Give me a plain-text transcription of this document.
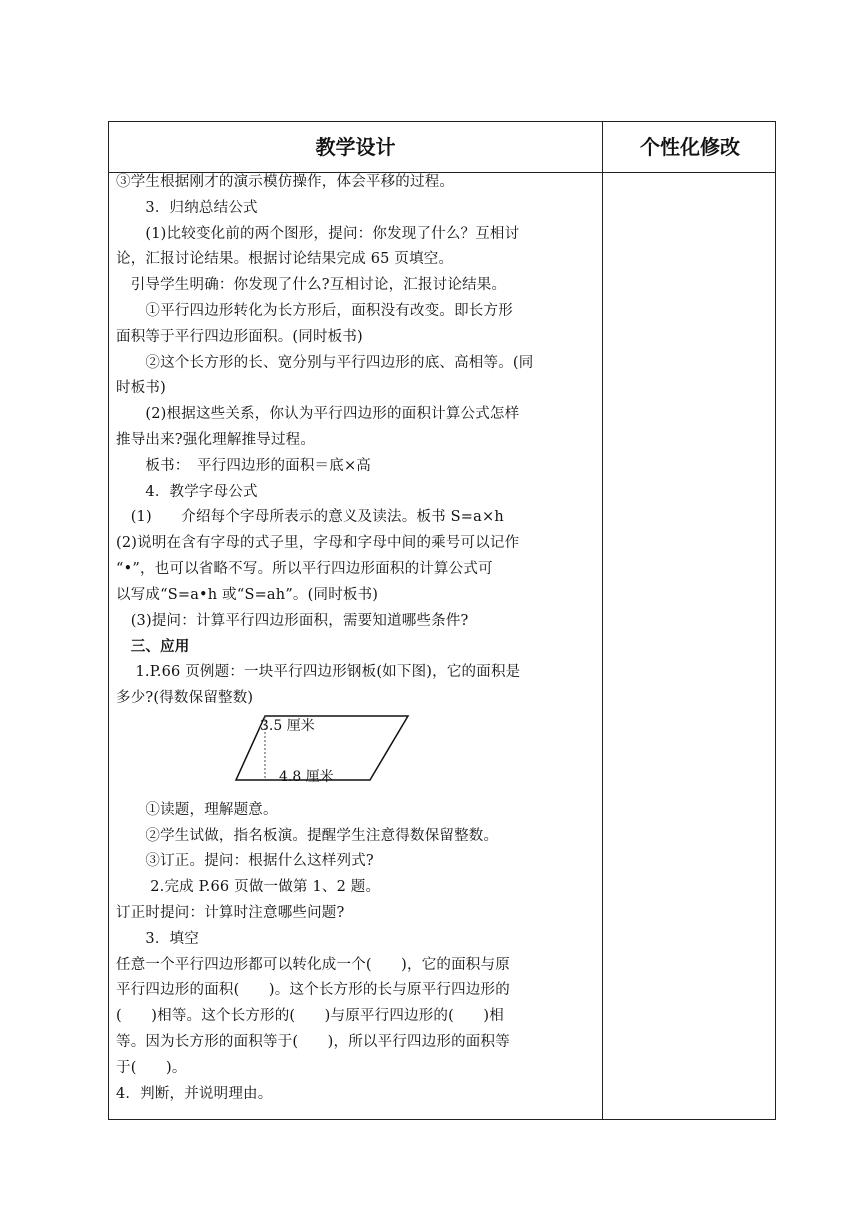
教学设计	个性化修改
③学生根据刚才的演示模仿操作，体会平移的过程。
　　3．归纳总结公式
　　(1)比较变化前的两个图形，提问：你发现了什么？互相讨
论，汇报讨论结果。根据讨论结果完成 65 页填空。
　引导学生明确：你发现了什么?互相讨论，汇报讨论结果。
　　①平行四边形转化为长方形后，面积没有改变。即长方形
面积等于平行四边形面积。(同时板书)
　　②这个长方形的长、宽分别与平行四边形的底、高相等。(同
时板书)
　　(2)根据这些关系，你认为平行四边形的面积计算公式怎样
推导出来?强化理解推导过程。
　　板书：　平行四边形的面积＝底×高
　　4．教学字母公式
　(1)　　介绍每个字母所表示的意义及读法。板书 S=a×h
(2)说明在含有字母的式子里，字母和字母中间的乘号可以记作
“•”，也可以省略不写。所以平行四边形面积的计算公式可
以写成“S=a•h 或“S=ah”。(同时板书)
　(3)提问：计算平行四边形面积，需要知道哪些条件?
　三、应用
　 1.P.66 页例题：一块平行四边形钢板(如下图)，它的面积是
多少?(得数保留整数)
3.5 厘米
4.8 厘米
　　①读题，理解题意。
　　②学生试做，指名板演。提醒学生注意得数保留整数。
　　③订正。提问：根据什么这样列式?
　　 2.完成 P.66 页做一做第 1、2 题。
订正时提问：计算时注意哪些问题?
　　3．填空
任意一个平行四边形都可以转化成一个(　　)，它的面积与原
平行四边形的面积(　　)。这个长方形的长与原平行四边形的
(　　)相等。这个长方形的(　　)与原平行四边形的(　　)相
等。因为长方形的面积等于(　　)，所以平行四边形的面积等
于(　　)。
4．判断，并说明理由。
